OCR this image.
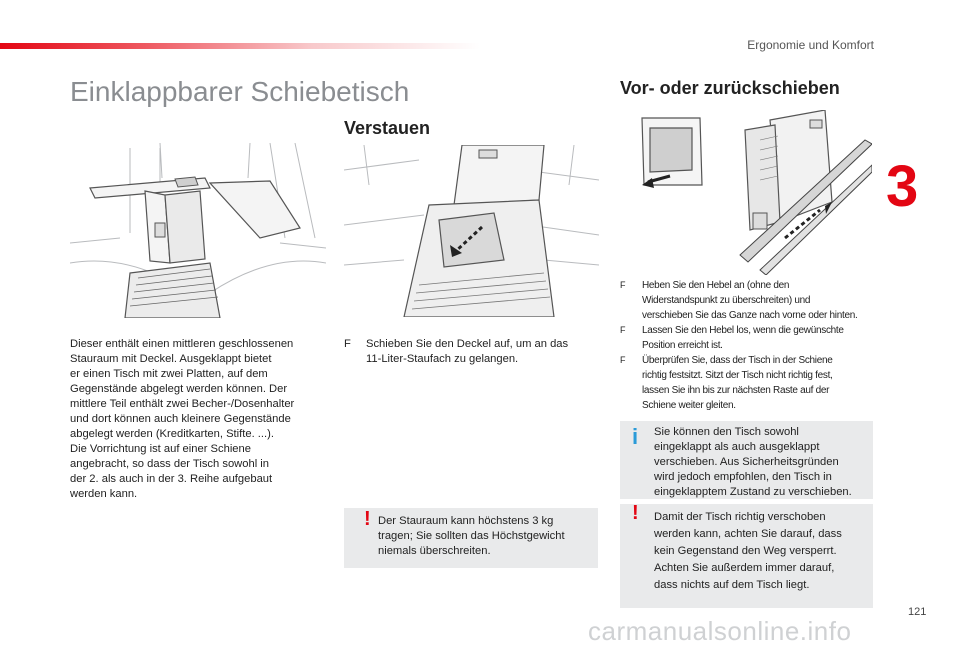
Ergonomie und Komfort
3
Einklappbarer Schiebetisch
Dieser enthält einen mittleren geschlossenen
Stauraum mit Deckel. Ausgeklappt bietet
er einen Tisch mit zwei Platten, auf dem
Gegenstände abgelegt werden können. Der
mittlere Teil enthält zwei Becher-/Dosenhalter
und dort können auch kleinere Gegenstände
abgelegt werden (Kreditkarten, Stifte. ...).
Die Vorrichtung ist auf einer Schiene
angebracht, so dass der Tisch sowohl in
der 2. als auch in der 3. Reihe aufgebaut
werden kann.
Verstauen
F Schieben Sie den Deckel auf, um an das
11-Liter-Staufach zu gelangen.
! Der Stauraum kann höchstens 3 kg
tragen; Sie sollten das Höchstgewicht
niemals überschreiten.
Vor- oder zurückschieben
F Heben Sie den Hebel an (ohne den
Widerstandspunkt zu überschreiten) und
verschieben Sie das Ganze nach vorne oder hinten.
F Lassen Sie den Hebel los, wenn die gewünschte
Position erreicht ist.
F Überprüfen Sie, dass der Tisch in der Schiene
richtig festsitzt. Sitzt der Tisch nicht richtig fest,
lassen Sie ihn bis zur nächsten Raste auf der
Schiene weiter gleiten.
i Sie können den Tisch sowohl
eingeklappt als auch ausgeklappt
verschieben. Aus Sicherheitsgründen
wird jedoch empfohlen, den Tisch in
eingeklapptem Zustand zu verschieben.
! Damit der Tisch richtig verschoben
werden kann, achten Sie darauf, dass
kein Gegenstand den Weg versperrt.
Achten Sie außerdem immer darauf,
dass nichts auf dem Tisch liegt.
121
carmanualsonline.info
